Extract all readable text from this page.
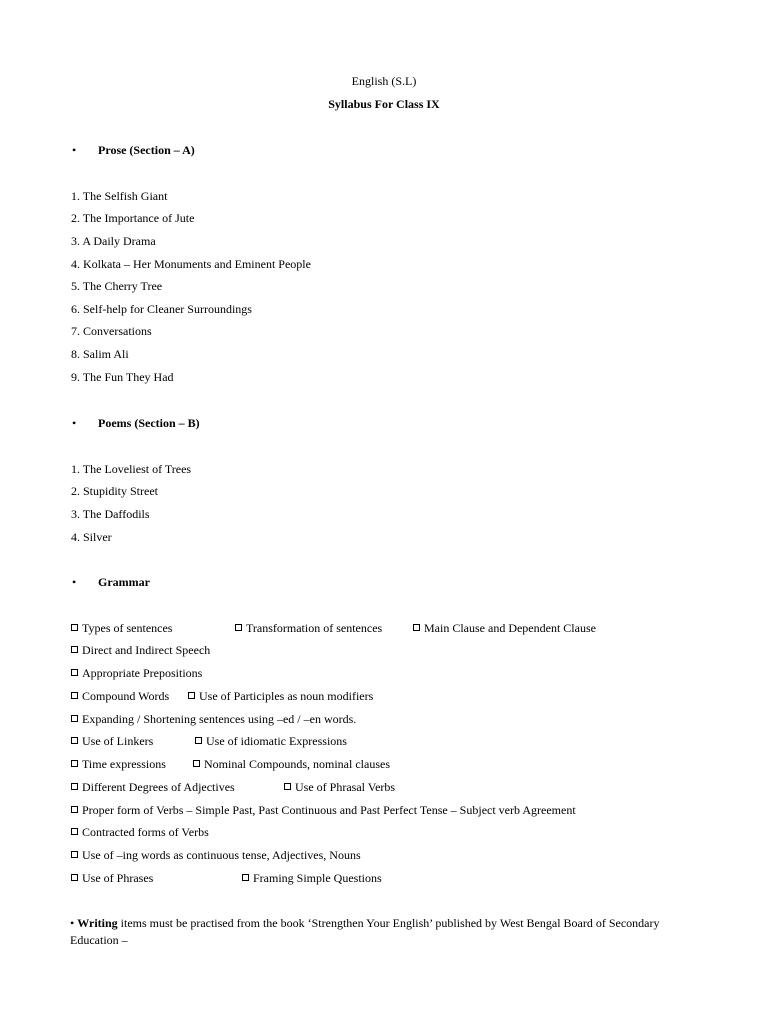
English (S.L)
Syllabus For Class IX
• Prose (Section – A)
1. The Selfish Giant
2. The Importance of Jute
3. A Daily Drama
4. Kolkata – Her Monuments and Eminent People
5. The Cherry Tree
6. Self-help for Cleaner Surroundings
7. Conversations
8. Salim Ali
9. The Fun They Had
• Poems (Section – B)
1. The Loveliest of Trees
2. Stupidity Street
3. The Daffodils
4. Silver
• Grammar
Types of sentences	Transformation of sentences	Main Clause and Dependent Clause
Direct and Indirect Speech
Appropriate Prepositions
Compound Words	Use of Participles as noun modifiers
Expanding / Shortening sentences using –ed / –en words.
Use of Linkers	Use of idiomatic Expressions
Time expressions	Nominal Compounds, nominal clauses
Different Degrees of Adjectives	Use of Phrasal Verbs
Proper form of Verbs – Simple Past, Past Continuous and Past Perfect Tense – Subject verb Agreement
Contracted forms of Verbs
Use of –ing words as continuous tense, Adjectives, Nouns
Use of Phrases	Framing Simple Questions
• Writing items must be practised from the book ‘Strengthen Your English’ published by West Bengal Board of Secondary Education –
